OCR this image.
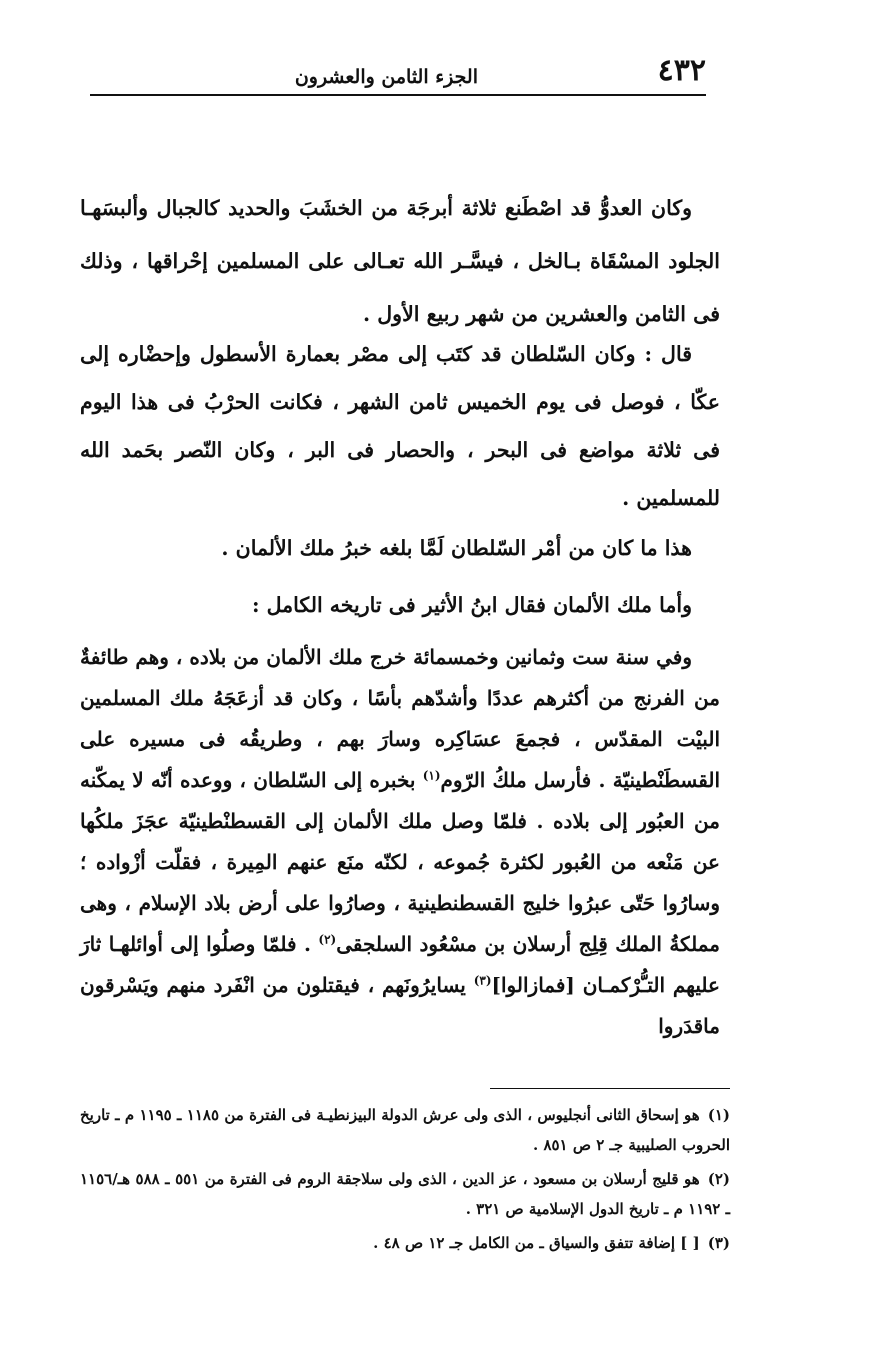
٤٣٢
الجزء الثامن والعشرون

وكان العدوُّ قد اصْطَنع ثلاثة أبرجَة من الخشَبَ والحديد كالجبال وألبسَهـا الجلود المسْقَاة بـالخل ، فيسَّـر الله تعـالى على المسلمين إحْراقها ، وذلك فى الثامن والعشرين من شهر ربيع الأول .

قال : وكان السّلطان قد كتَب إلى مصْر بعمارة الأسطول وإحضْاره إلى عكّا ، فوصل فى يوم الخميس ثامن الشهر ، فكانت الحرْبُ فى هذا اليوم فى ثلاثة مواضع فى البحر ، والحصار فى البر ، وكان النّصر بحَمد الله للمسلمين .

هذا ما كان من أمْر السّلطان لَمَّا بلغه خبرُ ملك الألمان .

وأما ملك الألمان فقال ابنُ الأثير فى تاريخه الكامل :

وفي سنة ست وثمانين وخمسمائة خرج ملك الألمان من بلاده ، وهم طائفةٌ من الفرنج من أكثرهم عددًا وأشدّهم بأسًا ، وكان قد أزعَجَهُ ملك المسلمين البيْت المقدّس ، فجمعَ عسَاكِره وسارَ بهم ، وطريقُه فى مسيره على القسطَنْطينيّة . فأرسل ملكُ الرّوم$^{(١)}$ بخبره إلى السّلطان ، ووعده أنّه لا يمكّنه من العبُور إلى بلاده . فلمّا وصل ملك الألمان إلى القسطنْطينيّة عجَزَ ملكُها عن مَنْعه من العُبور لكثرة جُموعه ، لكنّه منَع عنهم المِيرة ، فقلّت أزْواده ؛ وسارُوا حَتّى عبرُوا خليج القسطنطينية ، وصارُوا على أرض بلاد الإسلام ، وهى مملكةُ الملك قِلِج أرسلان بن مسْعُود السلجقى$^{(٢)}$ . فلمّا وصلُوا إلى أوائلهـا ثارَ عليهم التـُّرْكمـان [فمازالوا]$^{(٣)}$ يسايرُونَهم ، فيقتلون من انْفَرد منهم ويَسْرقون ماقدَروا

(١)هو إسحاق الثانى أنجليوس ، الذى ولى عرش الدولة البيزنطيـة فى الفترة من ١١٨٥ ـ ١١٩٥ م ـ تاريخ الحروب الصليبية جـ ٢ ص ٨٥١ .

(٢)هو قليج أرسلان بن مسعود ، عز الدين ، الذى ولى سلاجقة الروم فى الفترة من ٥٥١ ـ ٥٨٨ هـ/١١٥٦ ـ ١١٩٢ م ـ تاريخ الدول الإسلامية ص ٣٢١ .

(٣)[ ] إضافة تتفق والسياق ـ من الكامل جـ ١٢ ص ٤٨ .
